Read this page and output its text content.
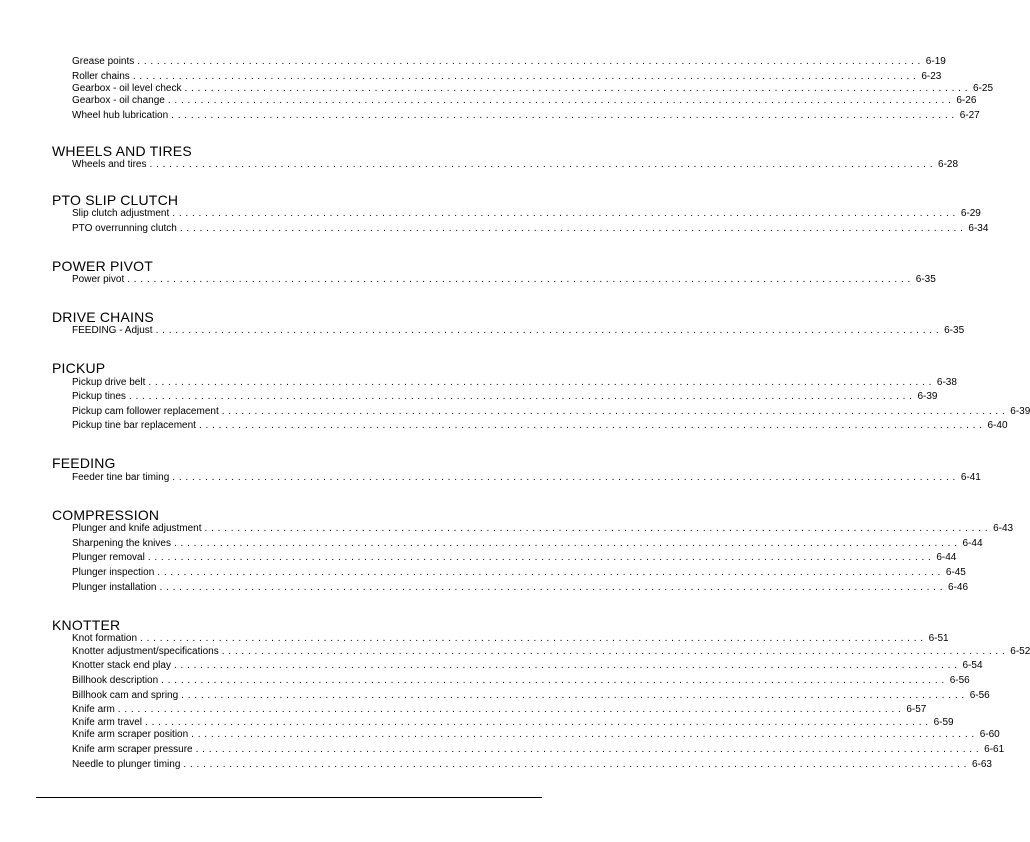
Grease points . . . . . . . . . . . . . . . . . . . . . . . . . . . . . . . . . . . . . . . . . . . . . . . . . . . . . . . . . . . . . . . . . . . . . . . . . . . . . . . . . . . . . . . . . . . . . . . . . . . . . . . . . . . . . . . . . . . . . . . . 6-19
Roller chains . . . . . . . . . . . . . . . . . . . . . . . . . . . . . . . . . . . . . . . . . . . . . . . . . . . . . . . . . . . . . . . . . . . . . . . . . . . . . . . . . . . . . . . . . . . . . . . . . . . . . . . . . . . . . . . . . . . . . . . . 6-23
Gearbox - oil level check . . . . . . . . . . . . . . . . . . . . . . . . . . . . . . . . . . . . . . . . . . . . . . . . . . . . . . . . . . . . . . . . . . . . . . . . . . . . . . . . . . . . . . . . . . . . . . . . . . . . . . . . . . . . . . . . . . . . . . . . 6-25
Gearbox - oil change . . . . . . . . . . . . . . . . . . . . . . . . . . . . . . . . . . . . . . . . . . . . . . . . . . . . . . . . . . . . . . . . . . . . . . . . . . . . . . . . . . . . . . . . . . . . . . . . . . . . . . . . . . . . . . . . . . . . . . . . 6-26
Wheel hub lubrication . . . . . . . . . . . . . . . . . . . . . . . . . . . . . . . . . . . . . . . . . . . . . . . . . . . . . . . . . . . . . . . . . . . . . . . . . . . . . . . . . . . . . . . . . . . . . . . . . . . . . . . . . . . . . . . . . . . . . . . . 6-27
WHEELS AND TIRES
Wheels and tires . . . . . . . . . . . . . . . . . . . . . . . . . . . . . . . . . . . . . . . . . . . . . . . . . . . . . . . . . . . . . . . . . . . . . . . . . . . . . . . . . . . . . . . . . . . . . . . . . . . . . . . . . . . . . . . . . . . . . . . . 6-28
PTO SLIP CLUTCH
Slip clutch adjustment . . . . . . . . . . . . . . . . . . . . . . . . . . . . . . . . . . . . . . . . . . . . . . . . . . . . . . . . . . . . . . . . . . . . . . . . . . . . . . . . . . . . . . . . . . . . . . . . . . . . . . . . . . . . . . . . . . . . . . . . 6-29
PTO overrunning clutch . . . . . . . . . . . . . . . . . . . . . . . . . . . . . . . . . . . . . . . . . . . . . . . . . . . . . . . . . . . . . . . . . . . . . . . . . . . . . . . . . . . . . . . . . . . . . . . . . . . . . . . . . . . . . . . . . . . . . . . . 6-34
POWER PIVOT
Power pivot . . . . . . . . . . . . . . . . . . . . . . . . . . . . . . . . . . . . . . . . . . . . . . . . . . . . . . . . . . . . . . . . . . . . . . . . . . . . . . . . . . . . . . . . . . . . . . . . . . . . . . . . . . . . . . . . . . . . . . . . 6-35
DRIVE CHAINS
FEEDING - Adjust . . . . . . . . . . . . . . . . . . . . . . . . . . . . . . . . . . . . . . . . . . . . . . . . . . . . . . . . . . . . . . . . . . . . . . . . . . . . . . . . . . . . . . . . . . . . . . . . . . . . . . . . . . . . . . . . . . . . . . . . 6-35
PICKUP
Pickup drive belt . . . . . . . . . . . . . . . . . . . . . . . . . . . . . . . . . . . . . . . . . . . . . . . . . . . . . . . . . . . . . . . . . . . . . . . . . . . . . . . . . . . . . . . . . . . . . . . . . . . . . . . . . . . . . . . . . . . . . . . . 6-38
Pickup tines . . . . . . . . . . . . . . . . . . . . . . . . . . . . . . . . . . . . . . . . . . . . . . . . . . . . . . . . . . . . . . . . . . . . . . . . . . . . . . . . . . . . . . . . . . . . . . . . . . . . . . . . . . . . . . . . . . . . . . . . 6-39
Pickup cam follower replacement . . . . . . . . . . . . . . . . . . . . . . . . . . . . . . . . . . . . . . . . . . . . . . . . . . . . . . . . . . . . . . . . . . . . . . . . . . . . . . . . . . . . . . . . . . . . . . . . . . . . . . . . . . . . . . . . . . . . . . . . 6-39
Pickup tine bar replacement . . . . . . . . . . . . . . . . . . . . . . . . . . . . . . . . . . . . . . . . . . . . . . . . . . . . . . . . . . . . . . . . . . . . . . . . . . . . . . . . . . . . . . . . . . . . . . . . . . . . . . . . . . . . . . . . . . . . . . . . 6-40
FEEDING
Feeder tine bar timing . . . . . . . . . . . . . . . . . . . . . . . . . . . . . . . . . . . . . . . . . . . . . . . . . . . . . . . . . . . . . . . . . . . . . . . . . . . . . . . . . . . . . . . . . . . . . . . . . . . . . . . . . . . . . . . . . . . . . . . . 6-41
COMPRESSION
Plunger and knife adjustment . . . . . . . . . . . . . . . . . . . . . . . . . . . . . . . . . . . . . . . . . . . . . . . . . . . . . . . . . . . . . . . . . . . . . . . . . . . . . . . . . . . . . . . . . . . . . . . . . . . . . . . . . . . . . . . . . . . . . . . . 6-43
Sharpening the knives . . . . . . . . . . . . . . . . . . . . . . . . . . . . . . . . . . . . . . . . . . . . . . . . . . . . . . . . . . . . . . . . . . . . . . . . . . . . . . . . . . . . . . . . . . . . . . . . . . . . . . . . . . . . . . . . . . . . . . . . 6-44
Plunger removal . . . . . . . . . . . . . . . . . . . . . . . . . . . . . . . . . . . . . . . . . . . . . . . . . . . . . . . . . . . . . . . . . . . . . . . . . . . . . . . . . . . . . . . . . . . . . . . . . . . . . . . . . . . . . . . . . . . . . . . . 6-44
Plunger inspection . . . . . . . . . . . . . . . . . . . . . . . . . . . . . . . . . . . . . . . . . . . . . . . . . . . . . . . . . . . . . . . . . . . . . . . . . . . . . . . . . . . . . . . . . . . . . . . . . . . . . . . . . . . . . . . . . . . . . . . . 6-45
Plunger installation . . . . . . . . . . . . . . . . . . . . . . . . . . . . . . . . . . . . . . . . . . . . . . . . . . . . . . . . . . . . . . . . . . . . . . . . . . . . . . . . . . . . . . . . . . . . . . . . . . . . . . . . . . . . . . . . . . . . . . . . 6-46
KNOTTER
Knot formation . . . . . . . . . . . . . . . . . . . . . . . . . . . . . . . . . . . . . . . . . . . . . . . . . . . . . . . . . . . . . . . . . . . . . . . . . . . . . . . . . . . . . . . . . . . . . . . . . . . . . . . . . . . . . . . . . . . . . . . . 6-51
Knotter adjustment/specifications . . . . . . . . . . . . . . . . . . . . . . . . . . . . . . . . . . . . . . . . . . . . . . . . . . . . . . . . . . . . . . . . . . . . . . . . . . . . . . . . . . . . . . . . . . . . . . . . . . . . . . . . . . . . . . . . . . . . . . . . 6-52
Knotter stack end play . . . . . . . . . . . . . . . . . . . . . . . . . . . . . . . . . . . . . . . . . . . . . . . . . . . . . . . . . . . . . . . . . . . . . . . . . . . . . . . . . . . . . . . . . . . . . . . . . . . . . . . . . . . . . . . . . . . . . . . . 6-54
Billhook description . . . . . . . . . . . . . . . . . . . . . . . . . . . . . . . . . . . . . . . . . . . . . . . . . . . . . . . . . . . . . . . . . . . . . . . . . . . . . . . . . . . . . . . . . . . . . . . . . . . . . . . . . . . . . . . . . . . . . . . . 6-56
Billhook cam and spring . . . . . . . . . . . . . . . . . . . . . . . . . . . . . . . . . . . . . . . . . . . . . . . . . . . . . . . . . . . . . . . . . . . . . . . . . . . . . . . . . . . . . . . . . . . . . . . . . . . . . . . . . . . . . . . . . . . . . . . . 6-56
Knife arm . . . . . . . . . . . . . . . . . . . . . . . . . . . . . . . . . . . . . . . . . . . . . . . . . . . . . . . . . . . . . . . . . . . . . . . . . . . . . . . . . . . . . . . . . . . . . . . . . . . . . . . . . . . . . . . . . . . . . . . . 6-57
Knife arm travel . . . . . . . . . . . . . . . . . . . . . . . . . . . . . . . . . . . . . . . . . . . . . . . . . . . . . . . . . . . . . . . . . . . . . . . . . . . . . . . . . . . . . . . . . . . . . . . . . . . . . . . . . . . . . . . . . . . . . . . . 6-59
Knife arm scraper position . . . . . . . . . . . . . . . . . . . . . . . . . . . . . . . . . . . . . . . . . . . . . . . . . . . . . . . . . . . . . . . . . . . . . . . . . . . . . . . . . . . . . . . . . . . . . . . . . . . . . . . . . . . . . . . . . . . . . . . . 6-60
Knife arm scraper pressure . . . . . . . . . . . . . . . . . . . . . . . . . . . . . . . . . . . . . . . . . . . . . . . . . . . . . . . . . . . . . . . . . . . . . . . . . . . . . . . . . . . . . . . . . . . . . . . . . . . . . . . . . . . . . . . . . . . . . . . . 6-61
Needle to plunger timing . . . . . . . . . . . . . . . . . . . . . . . . . . . . . . . . . . . . . . . . . . . . . . . . . . . . . . . . . . . . . . . . . . . . . . . . . . . . . . . . . . . . . . . . . . . . . . . . . . . . . . . . . . . . . . . . . . . . . . . . 6-63
